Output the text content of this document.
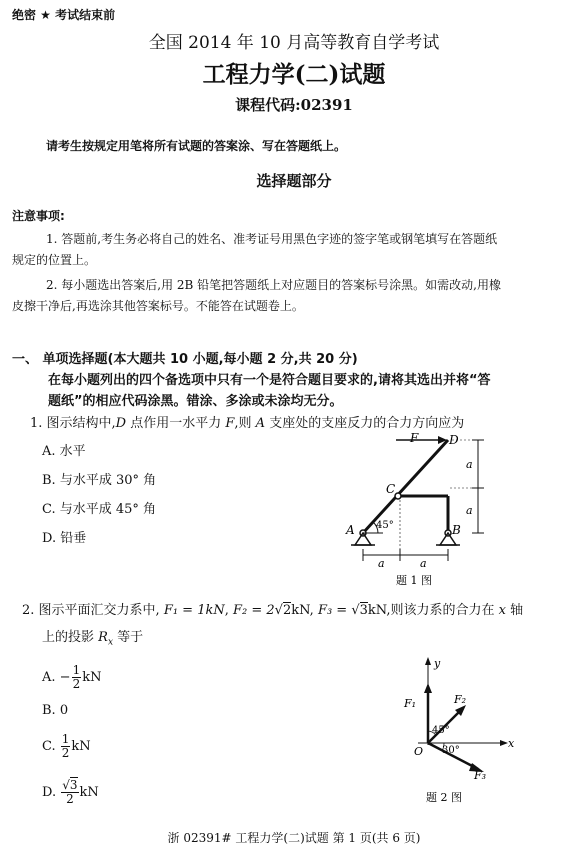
绝密 ★ 考试结束前
全国 2014 年 10 月高等教育自学考试
工程力学(二)试题
课程代码:02391
请考生按规定用笔将所有试题的答案涂、写在答题纸上。
选择题部分
注意事项:
1. 答题前,考生务必将自己的姓名、准考证号用黑色字迹的签字笔或钢笔填写在答题纸
规定的位置上。
2. 每小题选出答案后,用 2B 铅笔把答题纸上对应题目的答案标号涂黑。如需改动,用橡
皮擦干净后,再选涂其他答案标号。不能答在试题卷上。
一、 单项选择题(本大题共 10 小题,每小题 2 分,共 20 分)
在每小题列出的四个备选项中只有一个是符合题目要求的,请将其选出并将“答
题纸”的相应代码涂黑。错涂、多涂或未涂均无分。
1. 图示结构中,D 点作用一水平力 F,则 A 支座处的支座反力的合力方向应为
A. 水平
B. 与水平成 30° 角
C. 与水平成 45° 角
D. 铅垂
F	D
C
A	B
45°
a	a
a
a
题 1 图
2. 图示平面汇交力系中, F₁ = 1kN, F₂ = 2√2kN, F₃ = √3kN,则该力系的合力在 x 轴
上的投影 $R_x$ 等于
A. − $\frac{1}{2}$ kN
B. 0
C. $\frac{1}{2}$ kN
D. $\frac{√3}{2}$ kN
y
x
O
F₁	F₂
F₃
45°
30°
题 2 图
浙 02391# 工程力学(二)试题 第 1 页(共 6 页)
